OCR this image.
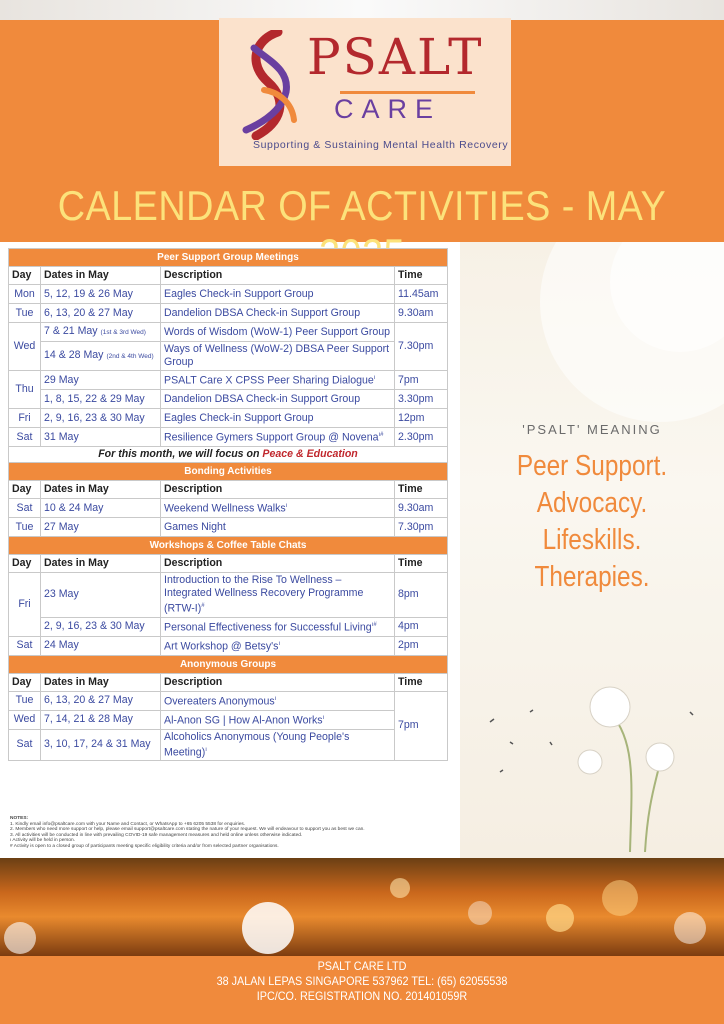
PSALT
CARE
Supporting & Sustaining Mental Health Recovery
CALENDAR OF ACTIVITIES - MAY
'PSALT' MEANING
Peer Support.
Advocacy.
Lifeskills.
Therapies.
Peer Support Group Meetings			
Day	Dates in May	Description	Time
Mon	5, 12, 19 & 26 May	Eagles Check-in Support Group	11.45am
Tue	6, 13, 20 & 27 May	Dandelion DBSA Check-in Support Group	9.30am
Wed	7 & 21 May (1st & 3rd Wed)	Words of Wisdom (WoW-1) Peer Support Group	7.30pm
	14 & 28 May (2nd & 4th Wed)	Ways of Wellness (WoW-2) DBSA Peer Support Group	
Thu	29 May	PSALT Care X CPSS Peer Sharing Dialogue$^ı$	7pm
	1, 8, 15, 22 & 29 May	Dandelion DBSA Check-in Support Group	3.30pm
Fri	2, 9, 16, 23 & 30 May	Eagles Check-in Support Group	12pm
Sat	31 May	Resilience Gymers Support Group @ Novena$^{ı\#}$	2.30pm
For this month, we will focus on Peace & Education			
Bonding Activities			
Day	Dates in May	Description	Time
Sat	10 & 24 May	Weekend Wellness Walks$^ı$	9.30am
Tue	27 May	Games Night	7.30pm
Workshops & Coffee Table Chats			
Day	Dates in May	Description	Time
Fri	23 May	Introduction to the Rise To Wellness – Integrated Wellness Recovery Programme (RTW-I)#	8pm
	2, 9, 16, 23 & 30 May	Personal Effectiveness for Successful Living$^{ı\#}$	4pm
Sat	24 May	Art Workshop @ $Betsy's^ı$	2pm
Anonymous Groups			
Day	Dates in May	Description	Time
Tue	6, 13, 20 & 27 May	Overeaters Anonymous$^ı$	7pm
Wed	7, 14, 21 & 28 May	Al-Anon SG | How Al-Anon Works$^ı$
Sat	3, 10, 17, 24 & 31 May	Alcoholics Anonymous (Young People's Meeting)$^ı$
NOTES:
1. Kindly email info@psaltcare.com with your Name and Contact, or WhatsApp to +65 6205 5538 for enquiries.
2. Members who need more support or help, please email support@psaltcare.com stating the nature of your request. We will endeavour to support you as best we can.
3. All activities will be conducted in line with prevailing COVID-19 safe management measures and held online unless otherwise indicated.
ı Activity will be held in person.
# Activity is open to a closed group of participants meeting specific eligibility criteria and/or from selected partner organisations.
PSALT CARE LTD
38 JALAN LEPAS SINGAPORE 537962 TEL: (65) 62055538
IPC/CO. REGISTRATION NO. 201401059R
